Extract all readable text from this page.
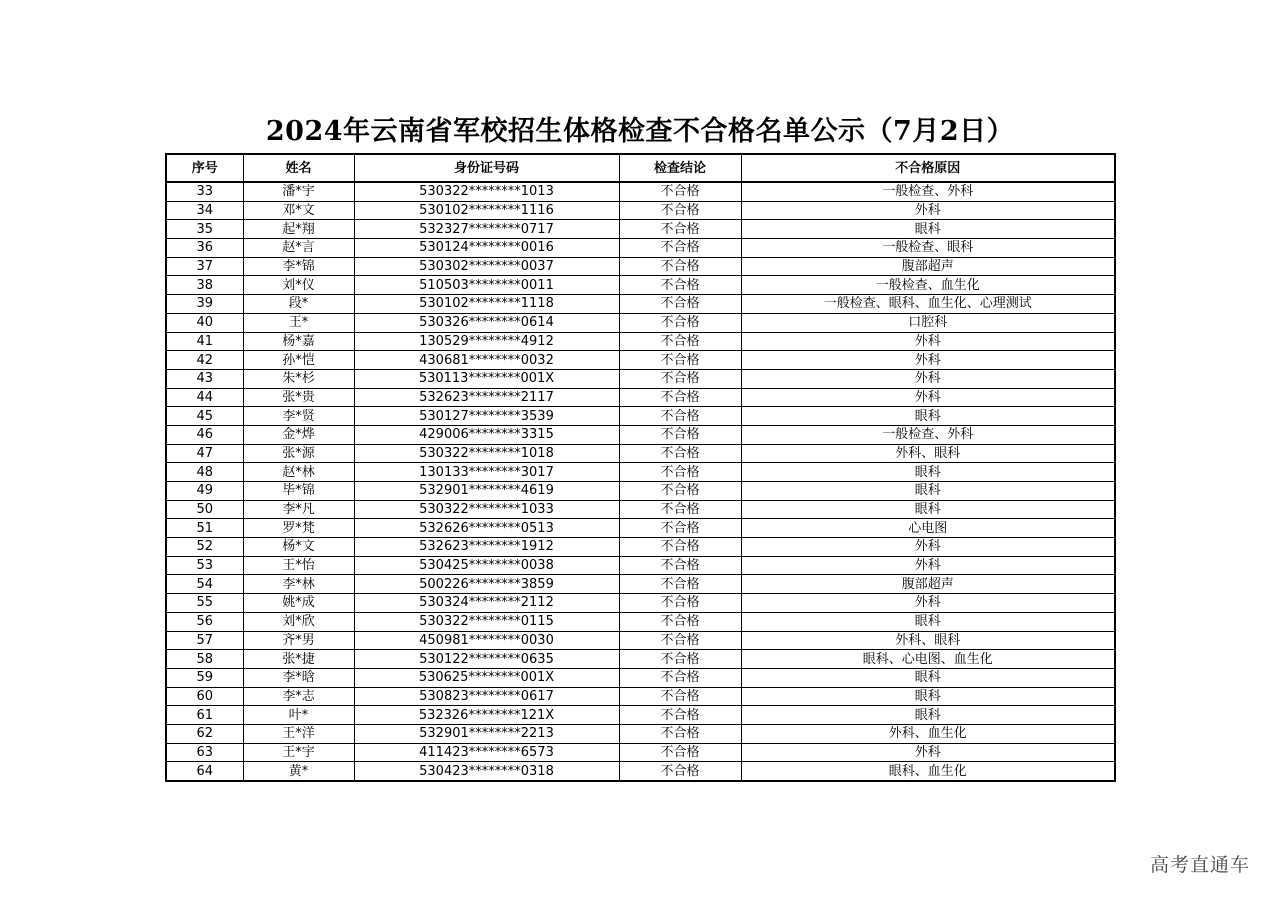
2024年云南省军校招生体格检查不合格名单公示（7月2日）
序号	姓名	身份证号码	检查结论	不合格原因
33	潘*宇	530322********1013	不合格	一般检查、外科
34	邓*文	530102********1116	不合格	外科
35	起*翔	532327********0717	不合格	眼科
36	赵*言	530124********0016	不合格	一般检查、眼科
37	李*锦	530302********0037	不合格	腹部超声
38	刘*仪	510503********0011	不合格	一般检查、血生化
39	段*	530102********1118	不合格	一般检查、眼科、血生化、心理测试
40	王*	530326********0614	不合格	口腔科
41	杨*嘉	130529********4912	不合格	外科
42	孙*恺	430681********0032	不合格	外科
43	朱*杉	530113********001X	不合格	外科
44	张*贵	532623********2117	不合格	外科
45	李*贤	530127********3539	不合格	眼科
46	金*烨	429006********3315	不合格	一般检查、外科
47	张*源	530322********1018	不合格	外科、眼科
48	赵*林	130133********3017	不合格	眼科
49	毕*锦	532901********4619	不合格	眼科
50	李*凡	530322********1033	不合格	眼科
51	罗*梵	532626********0513	不合格	心电图
52	杨*文	532623********1912	不合格	外科
53	王*怡	530425********0038	不合格	外科
54	李*林	500226********3859	不合格	腹部超声
55	姚*成	530324********2112	不合格	外科
56	刘*欣	530322********0115	不合格	眼科
57	齐*男	450981********0030	不合格	外科、眼科
58	张*捷	530122********0635	不合格	眼科、心电图、血生化
59	李*晗	530625********001X	不合格	眼科
60	李*志	530823********0617	不合格	眼科
61	叶*	532326********121X	不合格	眼科
62	王*洋	532901********2213	不合格	外科、血生化
63	王*宇	411423********6573	不合格	外科
64	黄*	530423********0318	不合格	眼科、血生化
高考直通车
